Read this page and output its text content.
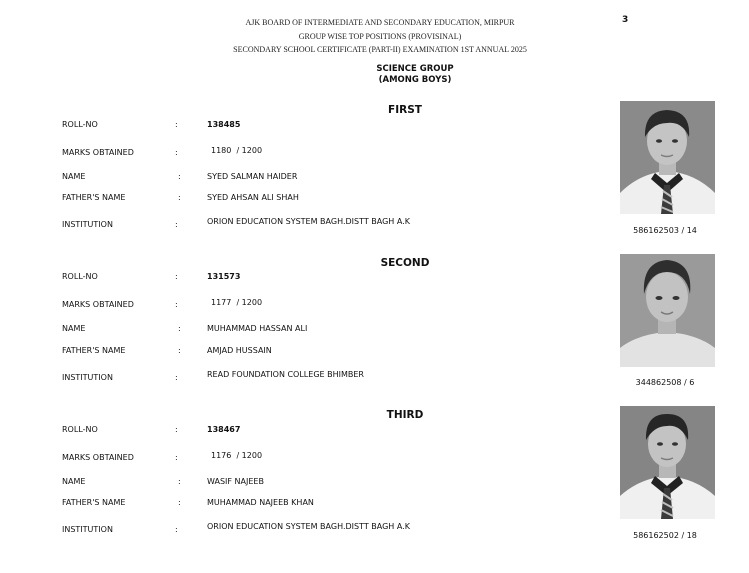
AJK BOARD OF INTERMEDIATE AND SECONDARY EDUCATION, MIRPUR
GROUP WISE TOP POSITIONS (PROVISINAL)
SECONDARY SCHOOL CERTIFICATE (PART-II) EXAMINATION 1ST ANNUAL 2025
3
SCIENCE GROUP
(AMONG BOYS)
FIRST
ROLL-NO	:	138485
MARKS OBTAINED	:	1180  / 1200
NAME	:	SYED SALMAN HAIDER
FATHER'S NAME	:	SYED AHSAN ALI SHAH
INSTITUTION	:	ORION EDUCATION SYSTEM BAGH.DISTT BAGH A.K
586162503 / 14
SECOND
ROLL-NO	:	131573
MARKS OBTAINED	:	1177  / 1200
NAME	:	MUHAMMAD HASSAN ALI
FATHER'S NAME	:	AMJAD HUSSAIN
INSTITUTION	:	READ FOUNDATION COLLEGE BHIMBER
344862508 / 6
THIRD
ROLL-NO	:	138467
MARKS OBTAINED	:	1176  / 1200
NAME	:	WASIF NAJEEB
FATHER'S NAME	:	MUHAMMAD NAJEEB KHAN
INSTITUTION	:	ORION EDUCATION SYSTEM BAGH.DISTT BAGH A.K
586162502 / 18
